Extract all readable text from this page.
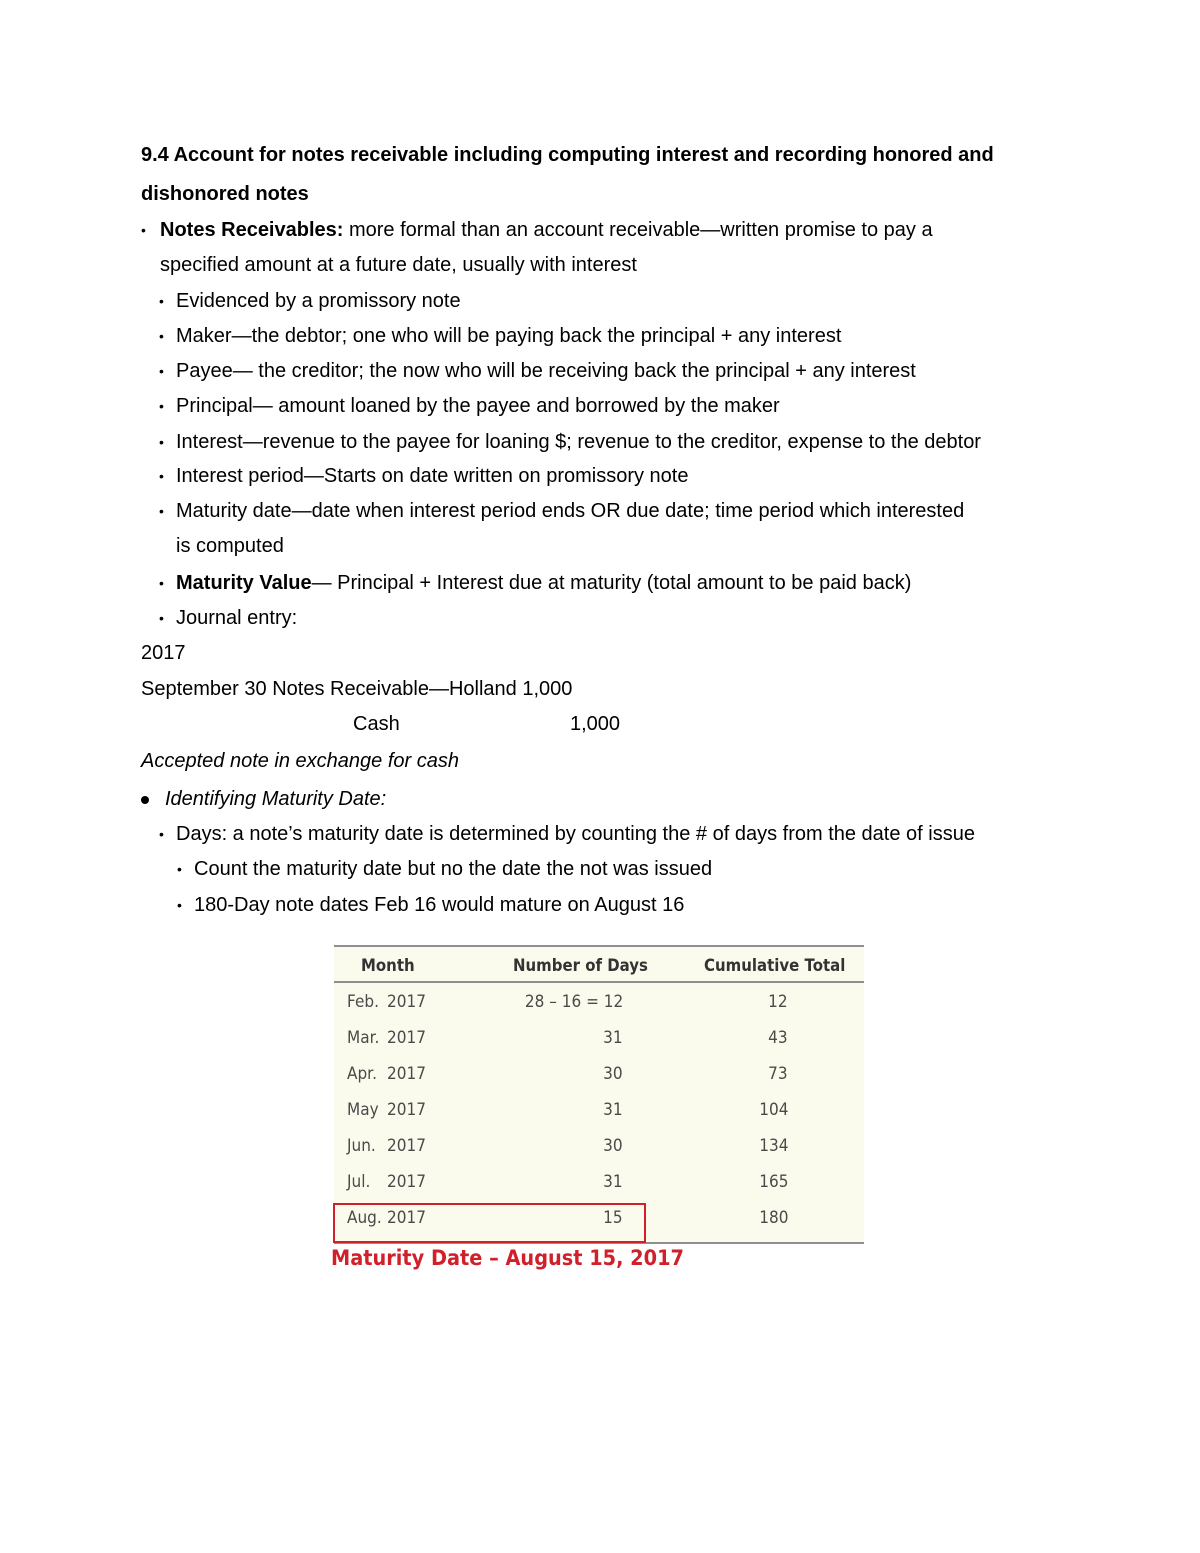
9.4 Account for notes receivable including computing interest and recording honored and dishonored notes
• Notes Receivables: more formal than an account receivable—written promise to pay a
specified amount at a future date, usually with interest
• Evidenced by a promissory note
• Maker—the debtor; one who will be paying back the principal + any interest
• Payee— the creditor; the now who will be receiving back the principal + any interest
• Principal— amount loaned by the payee and borrowed by the maker
• Interest—revenue to the payee for loaning $; revenue to the creditor, expense to the debtor
• Interest period—Starts on date written on promissory note
• Maturity date—date when interest period ends OR due date; time period which interested
is computed
• Maturity Value— Principal + Interest due at maturity (total amount to be paid back)
• Journal entry:
2017
September 30 Notes Receivable—Holland 1,000
Cash	1,000
Accepted note in exchange for cash
Identifying Maturity Date:
• Days: a note’s maturity date is determined by counting the # of days from the date of issue
• Count the maturity date but no the date the not was issued
• 180-Day note dates Feb 16 would mature on August 16
Month	Number of Days	Cumulative Total
Feb. 2017	28 – 16 = 12	12
Mar. 2017	31	43
Apr. 2017	30	73
May 2017	31	104
Jun. 2017	30	134
Jul. 2017	31	165
Aug. 2017	15	180
Maturity Date – August 15, 2017
